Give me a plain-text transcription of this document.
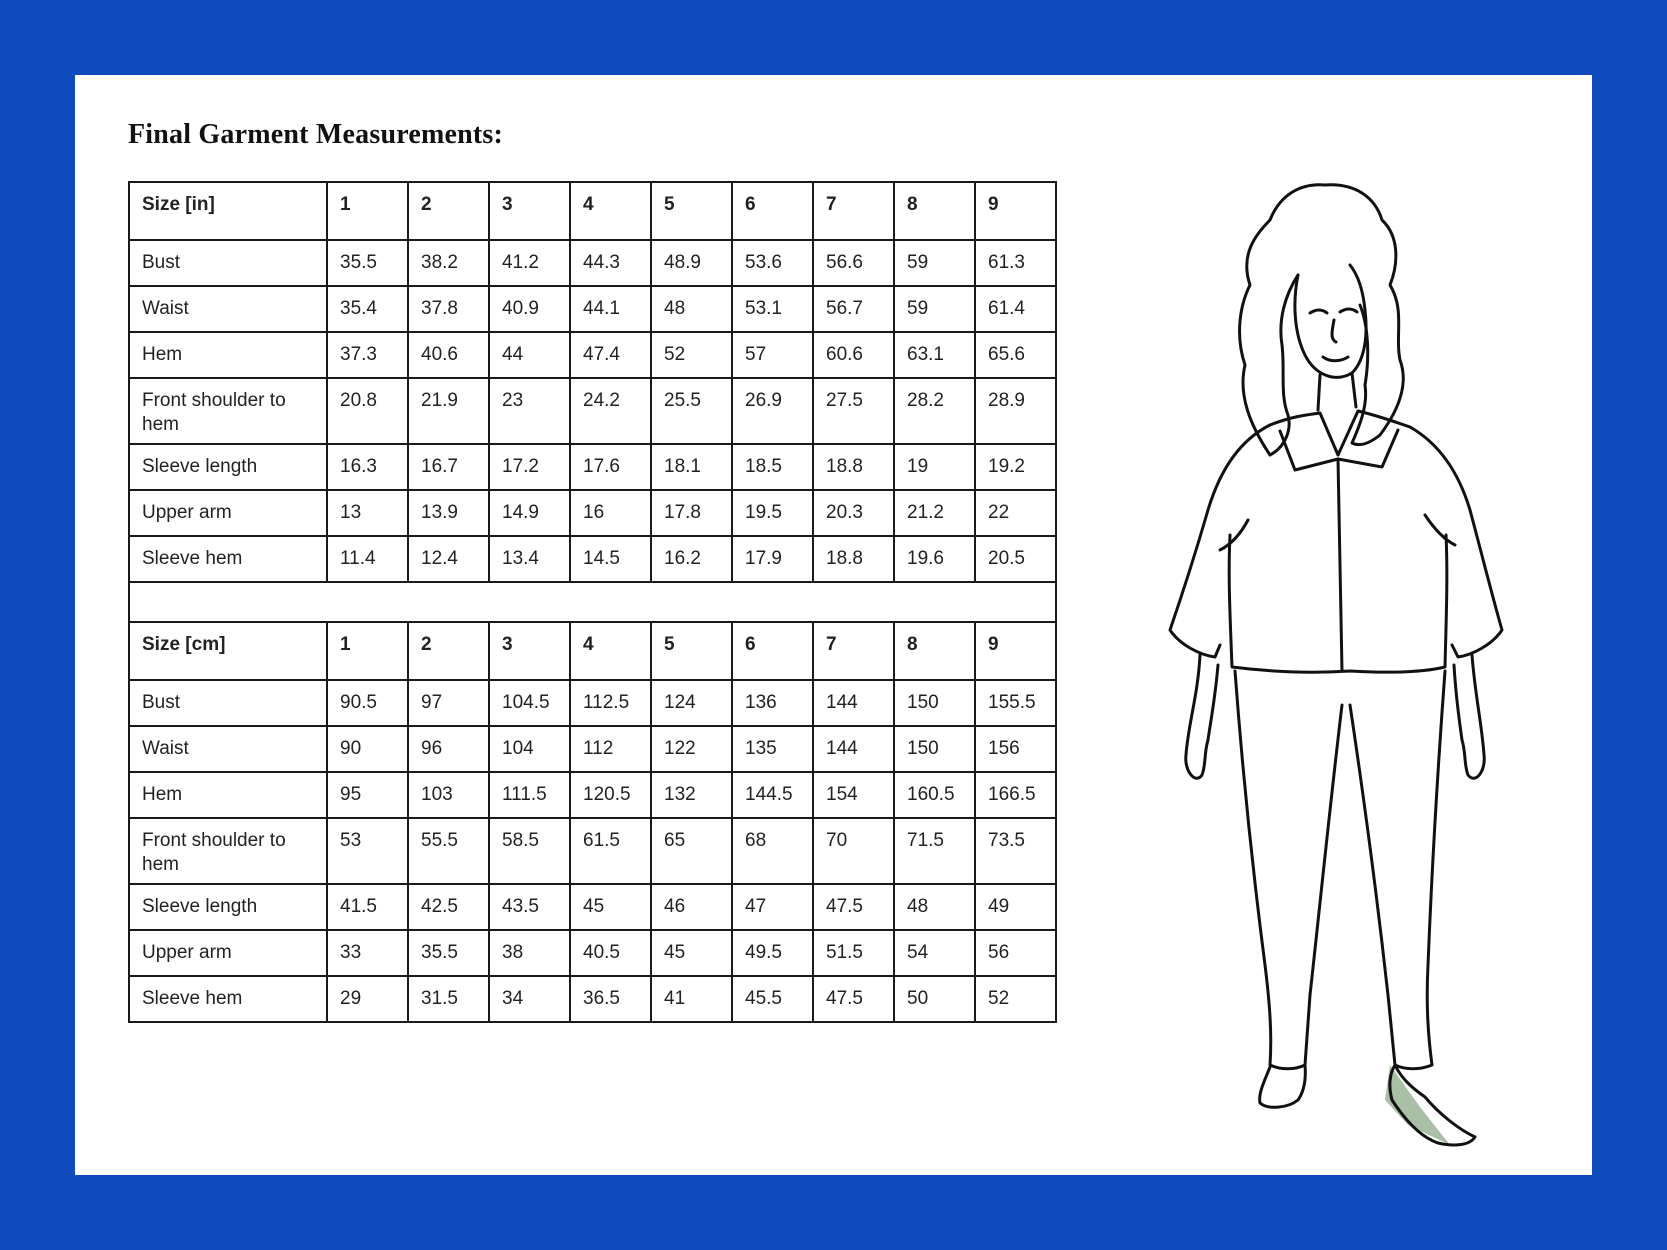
Final Garment Measurements:
Size [in]	1	2	3	4	5	6	7	8	9
Bust	35.5	38.2	41.2	44.3	48.9	53.6	56.6	59	61.3
Waist	35.4	37.8	40.9	44.1	48	53.1	56.7	59	61.4
Hem	37.3	40.6	44	47.4	52	57	60.6	63.1	65.6
Front shoulder to hem	20.8	21.9	23	24.2	25.5	26.9	27.5	28.2	28.9
Sleeve length	16.3	16.7	17.2	17.6	18.1	18.5	18.8	19	19.2
Upper arm	13	13.9	14.9	16	17.8	19.5	20.3	21.2	22
Sleeve hem	11.4	12.4	13.4	14.5	16.2	17.9	18.8	19.6	20.5

Size [cm]	1	2	3	4	5	6	7	8	9
Bust	90.5	97	104.5	112.5	124	136	144	150	155.5
Waist	90	96	104	112	122	135	144	150	156
Hem	95	103	111.5	120.5	132	144.5	154	160.5	166.5
Front shoulder to hem	53	55.5	58.5	61.5	65	68	70	71.5	73.5
Sleeve length	41.5	42.5	43.5	45	46	47	47.5	48	49
Upper arm	33	35.5	38	40.5	45	49.5	51.5	54	56
Sleeve hem	29	31.5	34	36.5	41	45.5	47.5	50	52
